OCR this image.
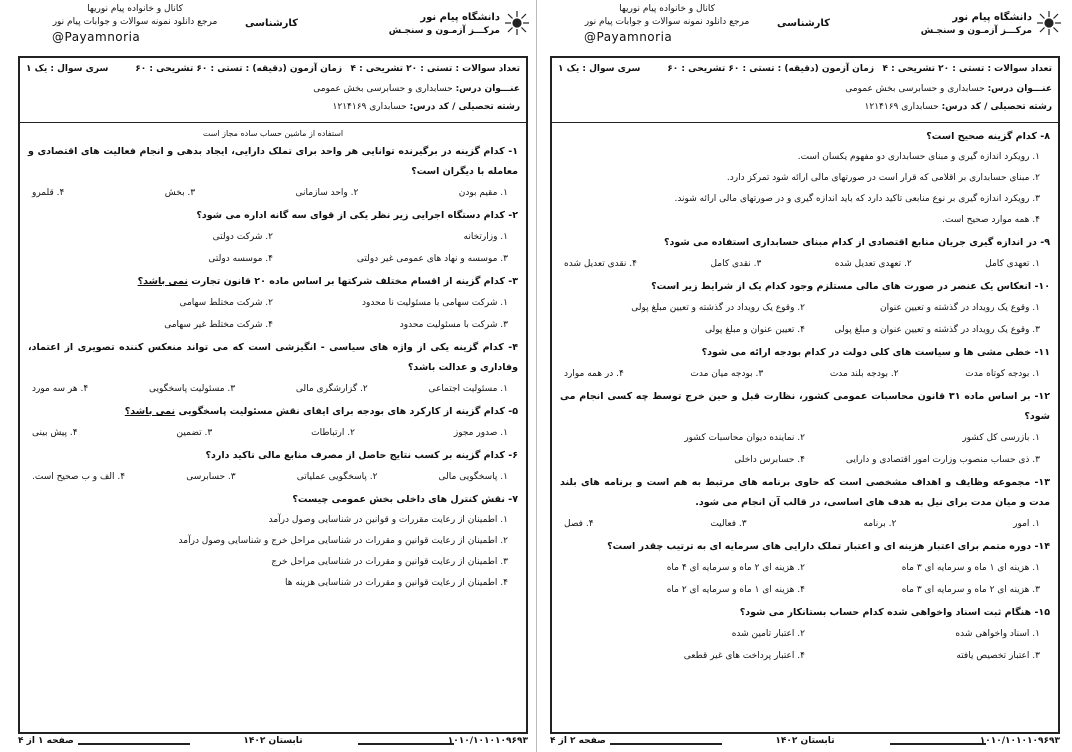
دانشگاه پیام نور
مرکـــز آزمـون و سنجـش
کارشناسی
کانال و خانواده پیام نوریها
مرجع دانلود نمونه سوالات و جوابات پیام نور
@Payamnoria
تعداد سوالات : تستی : ۲۰ تشریحی : ۴
زمان آزمون (دقیقه) : تستی : ۶۰ تشریحی : ۶۰
سری سوال : یک ۱
عنـــوان درس: حسابداری و حسابرسی بخش عمومی
رشته تحصیلی / کد درس: حسابداری ۱۲۱۴۱۶۹
استفاده از ماشین حساب ساده مجاز است
۱- کدام گزینه در برگیرنده توانایی هر واحد برای تملک دارایی، ایجاد بدهی و انجام فعالیت های اقتصادی و معامله با دیگران است؟
۱. مقیم بودن
۲. واحد سازمانی
۳. بخش
۴. قلمرو
۲- کدام دستگاه اجرایی زیر نظر یکی از قوای سه گانه اداره می شود؟
۱. وزارتخانه
۲. شرکت دولتی
۳. موسسه و نهاد های عمومی غیر دولتی
۴. موسسه دولتی
۳- کدام گزینه از اقسام مختلف شرکتها بر اساس ماده ۲۰ قانون تجارت نمی باشد؟
۱. شرکت سهامی با مسئولیت نا محدود
۲. شرکت مختلط سهامی
۳. شرکت با مسئولیت محدود
۴. شرکت مختلط غیر سهامی
۴- کدام گزینه یکی از واژه های سیاسی - انگیزشی است که می تواند منعکس کننده تصویری از اعتماد، وفاداری و عدالت باشد؟
۱. مسئولیت اجتماعی
۲. گزارشگری مالی
۳. مسئولیت پاسخگویی
۴. هر سه مورد
۵- کدام گزینه از کارکرد های بودجه برای ایفای نقش مسئولیت پاسخگویی نمی باشد؟
۱. صدور مجوز
۲. ارتباطات
۳. تضمین
۴. پیش بینی
۶- کدام گزینه بر کسب نتایج حاصل از مصرف منابع مالی تاکید دارد؟
۱. پاسخگویی مالی
۲. پاسخگویی عملیاتی
۳. حسابرسی
۴. الف و ب صحیح است.
۷- نقش کنترل های داخلی بخش عمومی چیست؟
۱. اطمینان از رعایت مقررات و قوانین در شناسایی وصول درآمد
۲. اطمینان از رعایت قوانین و مقررات در شناسایی مراحل خرج و شناسایی وصول درآمد
۳. اطمینان از رعایت قوانین و مقررات در شناسایی مراحل خرج
۴. اطمینان از رعایت قوانین و مقررات در شناسایی هزینه ها
۱۰۱۰/۱۰۱۰۱۰۹۶۹۳
تابستان ۱۴۰۲
صفحه ۱ از ۴
دانشگاه پیام نور
مرکـــز آزمـون و سنجـش
کارشناسی
کانال و خانواده پیام نوریها
مرجع دانلود نمونه سوالات و جوابات پیام نور
@Payamnoria
تعداد سوالات : تستی : ۲۰ تشریحی : ۴
زمان آزمون (دقیقه) : تستی : ۶۰ تشریحی : ۶۰
سری سوال : یک ۱
عنـــوان درس: حسابداری و حسابرسی بخش عمومی
رشته تحصیلی / کد درس: حسابداری ۱۲۱۴۱۶۹
۸- کدام گزینه صحیح است؟
۱. رویکرد اندازه گیری و مبنای حسابداری دو مفهوم یکسان است.
۲. مبنای حسابداری بر اقلامی که قرار است در صورتهای مالی ارائه شود تمرکز دارد.
۳. رویکرد اندازه گیری بر نوع منابعی تاکید دارد که باید اندازه گیری و در صورتهای مالی ارائه شوند.
۴. همه موارد صحیح است.
۹- در اندازه گیری جریان منابع اقتصادی از کدام مبنای حسابداری استفاده می شود؟
۱. تعهدی کامل
۲. تعهدی تعدیل شده
۳. نقدی کامل
۴. نقدی تعدیل شده
۱۰- انعکاس یک عنصر در صورت های مالی مستلزم وجود کدام یک از شرایط زیر است؟
۱. وقوع یک رویداد در گذشته و تعیین عنوان
۲. وقوع یک رویداد در گذشته و تعیین مبلغ پولی
۳. وقوع یک رویداد در گذشته و تعیین عنوان و مبلغ پولی
۴. تعیین عنوان و مبلغ پولی
۱۱- خطی مشی ها و سیاست های کلی دولت در کدام بودجه ارائه می شود؟
۱. بودجه کوتاه مدت
۲. بودجه بلند مدت
۳. بودجه میان مدت
۴. در همه موارد
۱۲- بر اساس ماده ۳۱ قانون محاسبات عمومی کشور، نظارت قبل و حین خرج توسط چه کسی انجام می شود؟
۱. بازرسی کل کشور
۲. نماینده دیوان محاسبات کشور
۳. ذی حساب منصوب وزارت امور اقتصادی و دارایی
۴. حسابرس داخلی
۱۳- مجموعه وظایف و اهداف مشخصی است که حاوی برنامه های مرتبط به هم است و برنامه های بلند مدت و میان مدت برای نیل به هدف های اساسی، در قالب آن انجام می شود.
۱. امور
۲. برنامه
۳. فعالیت
۴. فصل
۱۴- دوره متمم برای اعتبار هزینه ای و اعتبار تملک دارایی های سرمایه ای به ترتیب چقدر است؟
۱. هزینه ای ۱ ماه و سرمایه ای ۳ ماه
۲. هزینه ای ۲ ماه و سرمایه ای ۴ ماه
۳. هزینه ای ۲ ماه و سرمایه ای ۳ ماه
۴. هزینه ای ۱ ماه و سرمایه ای ۲ ماه
۱۵- هنگام ثبت اسناد واخواهی شده کدام حساب بستانکار می شود؟
۱. اسناد واخواهی شده
۲. اعتبار تامین شده
۳. اعتبار تخصیص یافته
۴. اعتبار پرداخت های غیر قطعی
۱۰۱۰/۱۰۱۰۱۰۹۶۹۳
تابستان ۱۴۰۲
صفحه ۲ از ۴
